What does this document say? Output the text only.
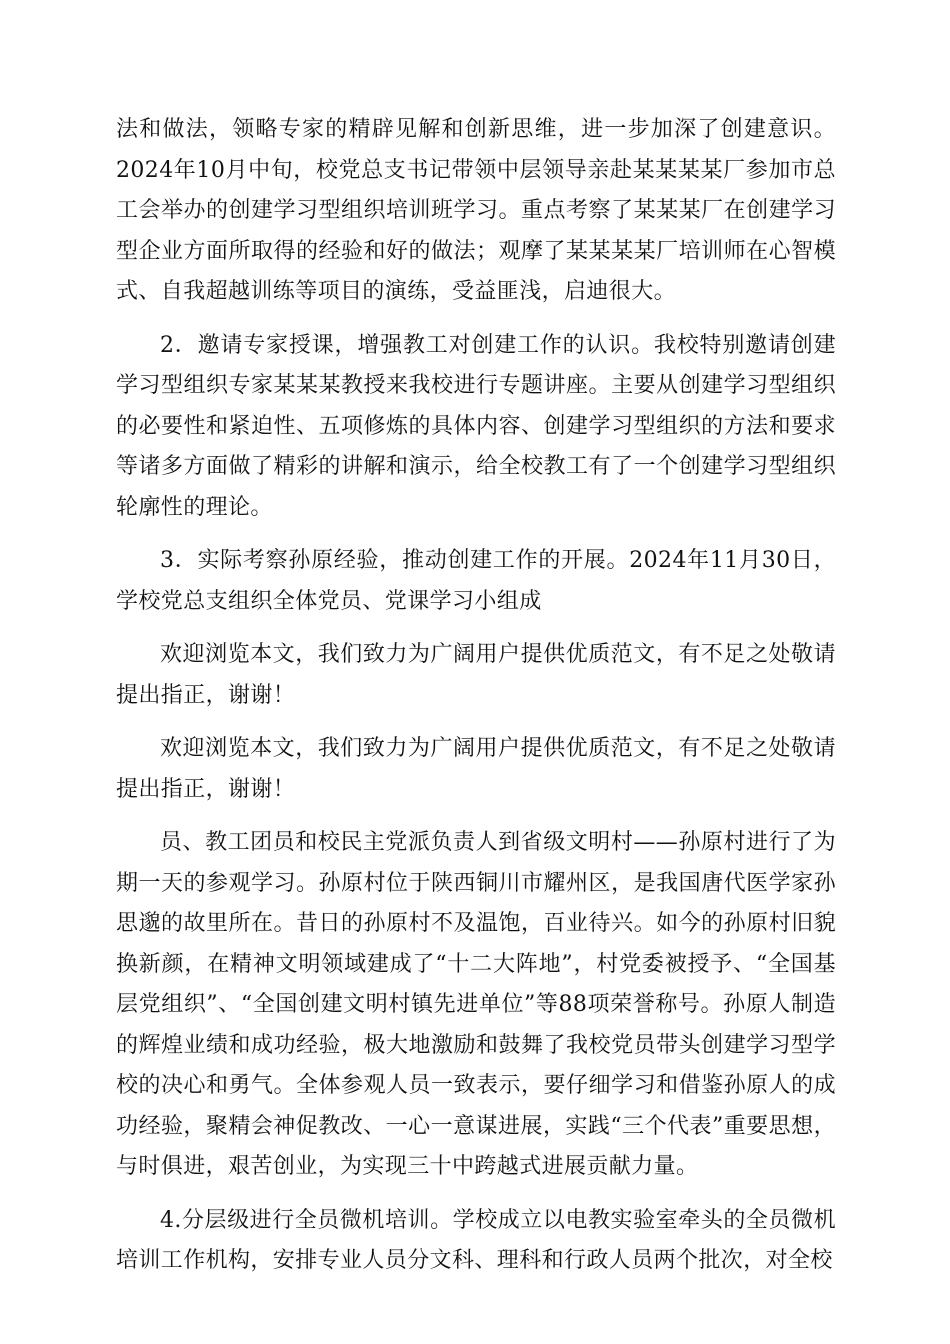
法和做法，领略专家的精辟见解和创新思维，进一步加深了创建意识。2024年10月中旬，校党总支书记带领中层领导亲赴某某某某厂参加市总工会举办的创建学习型组织培训班学习。重点考察了某某某厂在创建学习型企业方面所取得的经验和好的做法；观摩了某某某某厂培训师在心智模式、自我超越训练等项目的演练，受益匪浅，启迪很大。

2．邀请专家授课，增强教工对创建工作的认识。我校特别邀请创建学习型组织专家某某某教授来我校进行专题讲座。主要从创建学习型组织的必要性和紧迫性、五项修炼的具体内容、创建学习型组织的方法和要求等诸多方面做了精彩的讲解和演示，给全校教工有了一个创建学习型组织轮廓性的理论。

3．实际考察孙原经验，推动创建工作的开展。2024年11月30日，学校党总支组织全体党员、党课学习小组成

欢迎浏览本文，我们致力为广阔用户提供优质范文，有不足之处敬请提出指正，谢谢！

欢迎浏览本文，我们致力为广阔用户提供优质范文，有不足之处敬请提出指正，谢谢！

员、教工团员和校民主党派负责人到省级文明村——孙原村进行了为期一天的参观学习。孙原村位于陕西铜川市耀州区，是我国唐代医学家孙思邈的故里所在。昔日的孙原村不及温饱，百业待兴。如今的孙原村旧貌换新颜，在精神文明领域建成了“十二大阵地”，村党委被授予、“全国基层党组织”、“全国创建文明村镇先进单位”等88项荣誉称号。孙原人制造的辉煌业绩和成功经验，极大地激励和鼓舞了我校党员带头创建学习型学校的决心和勇气。全体参观人员一致表示，要仔细学习和借鉴孙原人的成功经验，聚精会神促教改、一心一意谋进展，实践“三个代表”重要思想，与时俱进，艰苦创业，为实现三十中跨越式进展贡献力量。

4.分层级进行全员微机培训。学校成立以电教实验室牵头的全员微机培训工作机构，安排专业人员分文科、理科和行政人员两个批次，对全校
